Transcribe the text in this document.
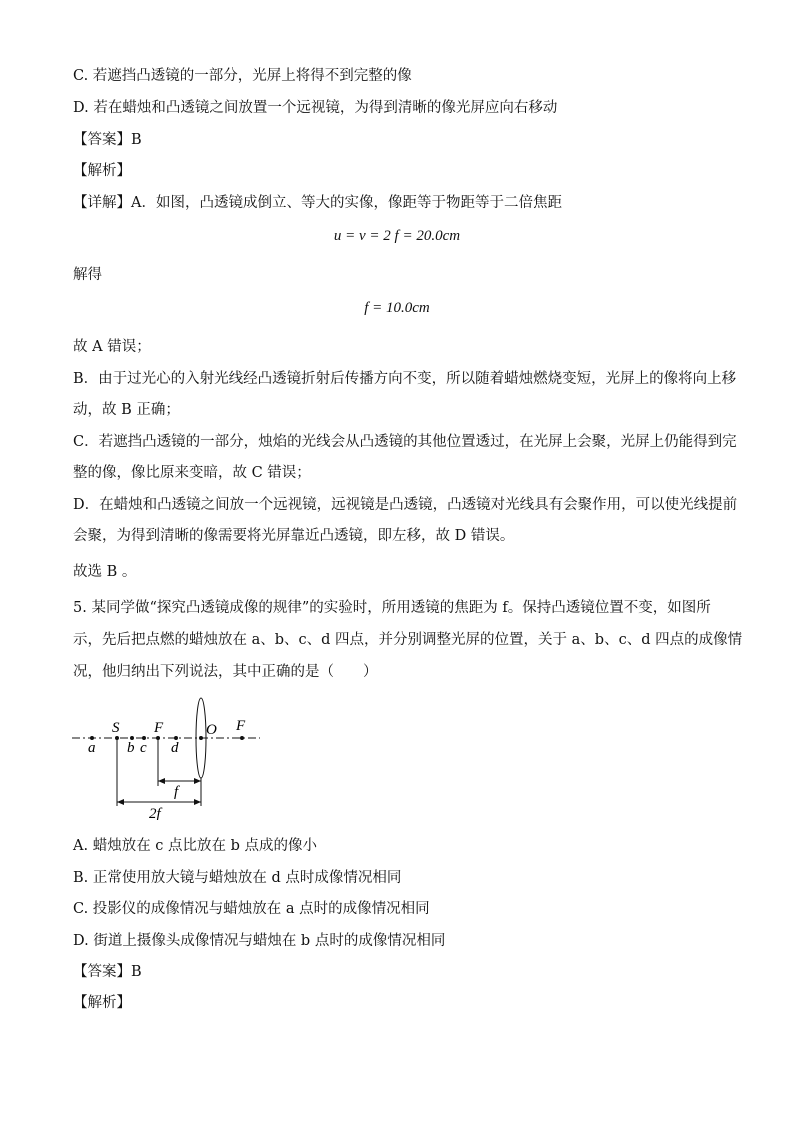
C. 若遮挡凸透镜的一部分，光屏上将得不到完整的像
D. 若在蜡烛和凸透镜之间放置一个远视镜，为得到清晰的像光屏应向右移动
【答案】B
【解析】
【详解】A．如图，凸透镜成倒立、等大的实像，像距等于物距等于二倍焦距
u = v = 2 f = 20.0cm
解得
f = 10.0cm
故 A 错误；
B．由于过光心的入射光线经凸透镜折射后传播方向不变，所以随着蜡烛燃烧变短，光屏上的像将向上移
动，故 B 正确；
C．若遮挡凸透镜的一部分，烛焰的光线会从凸透镜的其他位置透过，在光屏上会聚，光屏上仍能得到完
整的像，像比原来变暗，故 C 错误；
D．在蜡烛和凸透镜之间放一个远视镜，远视镜是凸透镜，凸透镜对光线具有会聚作用，可以使光线提前
会聚，为得到清晰的像需要将光屏靠近凸透镜，即左移，故 D 错误。
故选 B 。
5. 某同学做“探究凸透镜成像的规律”的实验时，所用透镜的焦距为 f。保持凸透镜位置不变，如图所
示，先后把点燃的蜡烛放在 a、b、c、d 四点，并分别调整光屏的位置，关于 a、b、c、d 四点的成像情
况，他归纳出下列说法，其中正确的是（　　）
S F	O F
a b c d
f
2f
A. 蜡烛放在 c 点比放在 b 点成的像小
B. 正常使用放大镜与蜡烛放在 d 点时成像情况相同
C. 投影仪的成像情况与蜡烛放在 a 点时的成像情况相同
D. 街道上摄像头成像情况与蜡烛在 b 点时的成像情况相同
【答案】B
【解析】
